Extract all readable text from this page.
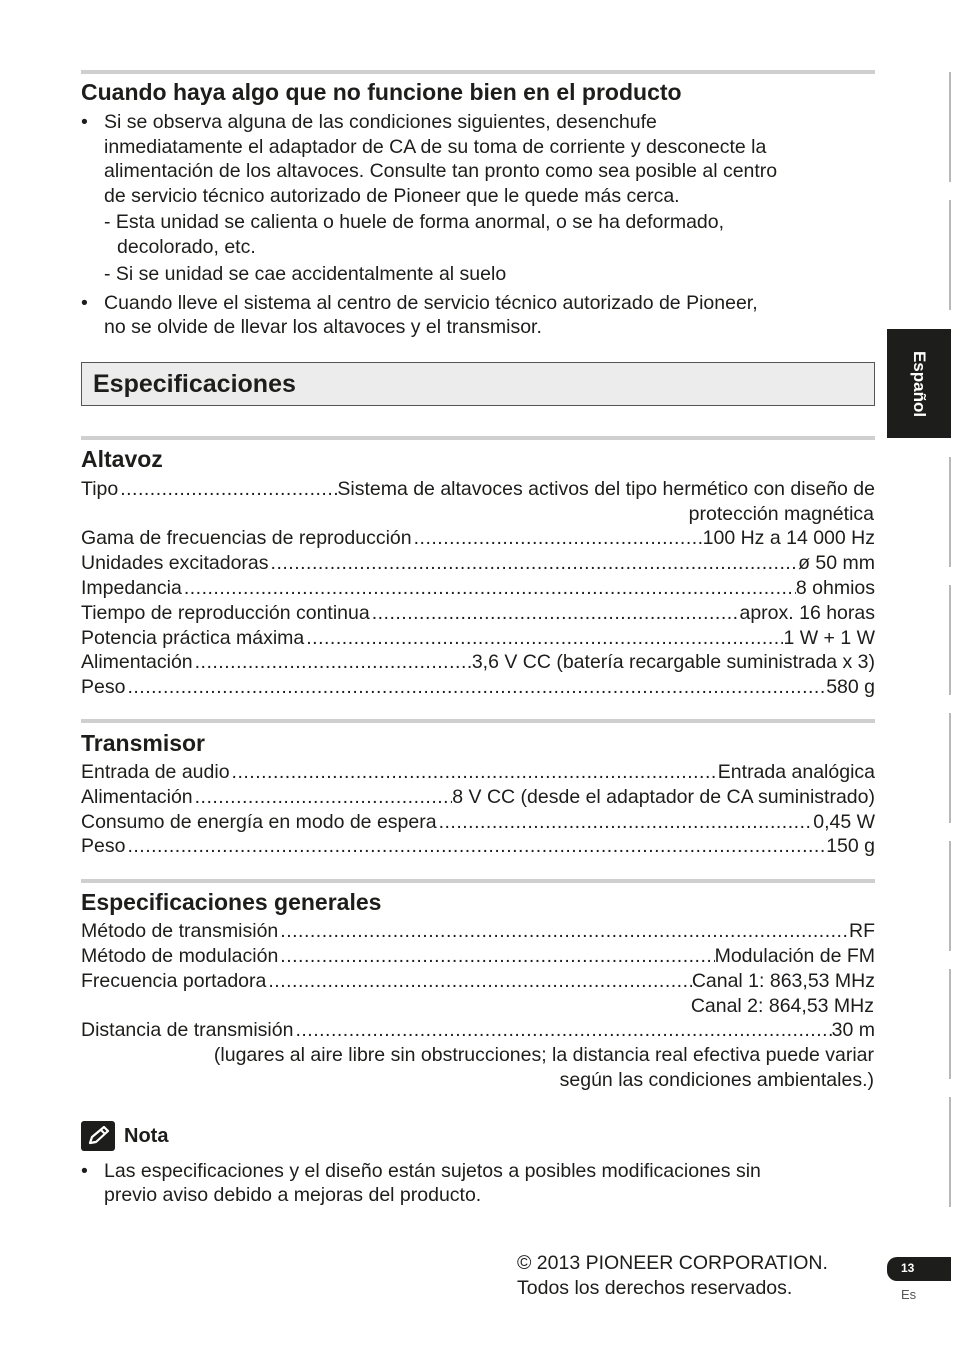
Español
Cuando haya algo que no funcione bien en el producto
• Si se observa alguna de las condiciones siguientes, desenchufe
inmediatamente el adaptador de CA de su toma de corriente y desconecte la
alimentación de los altavoces. Consulte tan pronto como sea posible al centro
de servicio técnico autorizado de Pioneer que le quede más cerca.
- Esta unidad se calienta o huele de forma anormal, o se ha deformado,
decolorado, etc.
- Si se unidad se cae accidentalmente al suelo
• Cuando lleve el sistema al centro de servicio técnico autorizado de Pioneer,
no se olvide de llevar los altavoces y el transmisor.
Especificaciones
Altavoz
Tipo .....	Sistema de altavoces activos del tipo hermético con diseño de
protección magnética
Gama de frecuencias de reproducción .....	100 Hz a 14 000 Hz
Unidades excitadoras .....	ø 50 mm
Impedancia .....	8 ohmios
Tiempo de reproducción continua .....	aprox. 16 horas
Potencia práctica máxima .....	1 W + 1 W
Alimentación .....	3,6 V CC (batería recargable suministrada x 3)
Peso .....	580 g
Transmisor
Entrada de audio .....	Entrada analógica
Alimentación .....	8 V CC (desde el adaptador de CA suministrado)
Consumo de energía en modo de espera .....	0,45 W
Peso .....	150 g
Especificaciones generales
Método de transmisión .....	RF
Método de modulación .....	Modulación de FM
Frecuencia portadora .....	Canal 1: 863,53 MHz
Canal 2: 864,53 MHz
Distancia de transmisión .....	30 m
(lugares al aire libre sin obstrucciones; la distancia real efectiva puede variar
según las condiciones ambientales.)
Nota
• Las especificaciones y el diseño están sujetos a posibles modificaciones sin
previo aviso debido a mejoras del producto.
© 2013 PIONEER CORPORATION.
Todos los derechos reservados.
13
Es
